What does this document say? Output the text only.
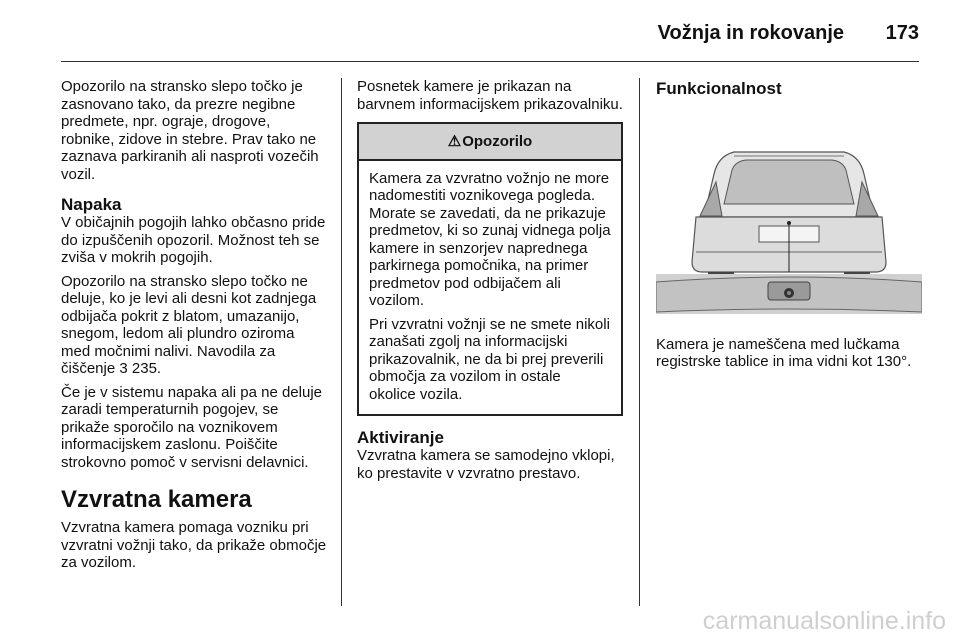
Vožnja in rokovanje 173

Opozorilo na stransko slepo točko je zasnovano tako, da prezre negibne predmete, npr. ograje, drogove, robnike, zidove in stebre. Prav tako ne zaznava parkiranih ali nasproti vozečih vozil.

Napaka

V običajnih pogojih lahko občasno pride do izpuščenih opozoril. Možnost teh se zviša v mokrih pogojih.

Opozorilo na stransko slepo točko ne deluje, ko je levi ali desni kot zadnjega odbijača pokrit z blatom, umazanijo, snegom, ledom ali plundro oziroma med močnimi nalivi. Navodila za čiščenje 3 235.

Če je v sistemu napaka ali pa ne deluje zaradi temperaturnih pogojev, se prikaže sporočilo na voznikovem informacijskem zaslonu. Poiščite strokovno pomoč v servisni delavnici.

Vzvratna kamera

Vzvratna kamera pomaga vozniku pri vzvratni vožnji tako, da prikaže območje za vozilom.

Posnetek kamere je prikazan na barvnem informacijskem prikazovalniku.

⚠Opozorilo

Kamera za vzvratno vožnjo ne more nadomestiti voznikovega pogleda. Morate se zavedati, da ne prikazuje predmetov, ki so zunaj vidnega polja kamere in senzorjev naprednega parkirnega pomočnika, na primer predmetov pod odbijačem ali vozilom.

Pri vzvratni vožnji se ne smete nikoli zanašati zgolj na informacijski prikazovalnik, ne da bi prej preverili območja za vozilom in ostale okolice vozila.

Aktiviranje

Vzvratna kamera se samodejno vklopi, ko prestavite v vzvratno prestavo.

Funkcionalnost

Kamera je nameščena med lučkama registrske tablice in ima vidni kot 130°.

carmanualsonline.info
